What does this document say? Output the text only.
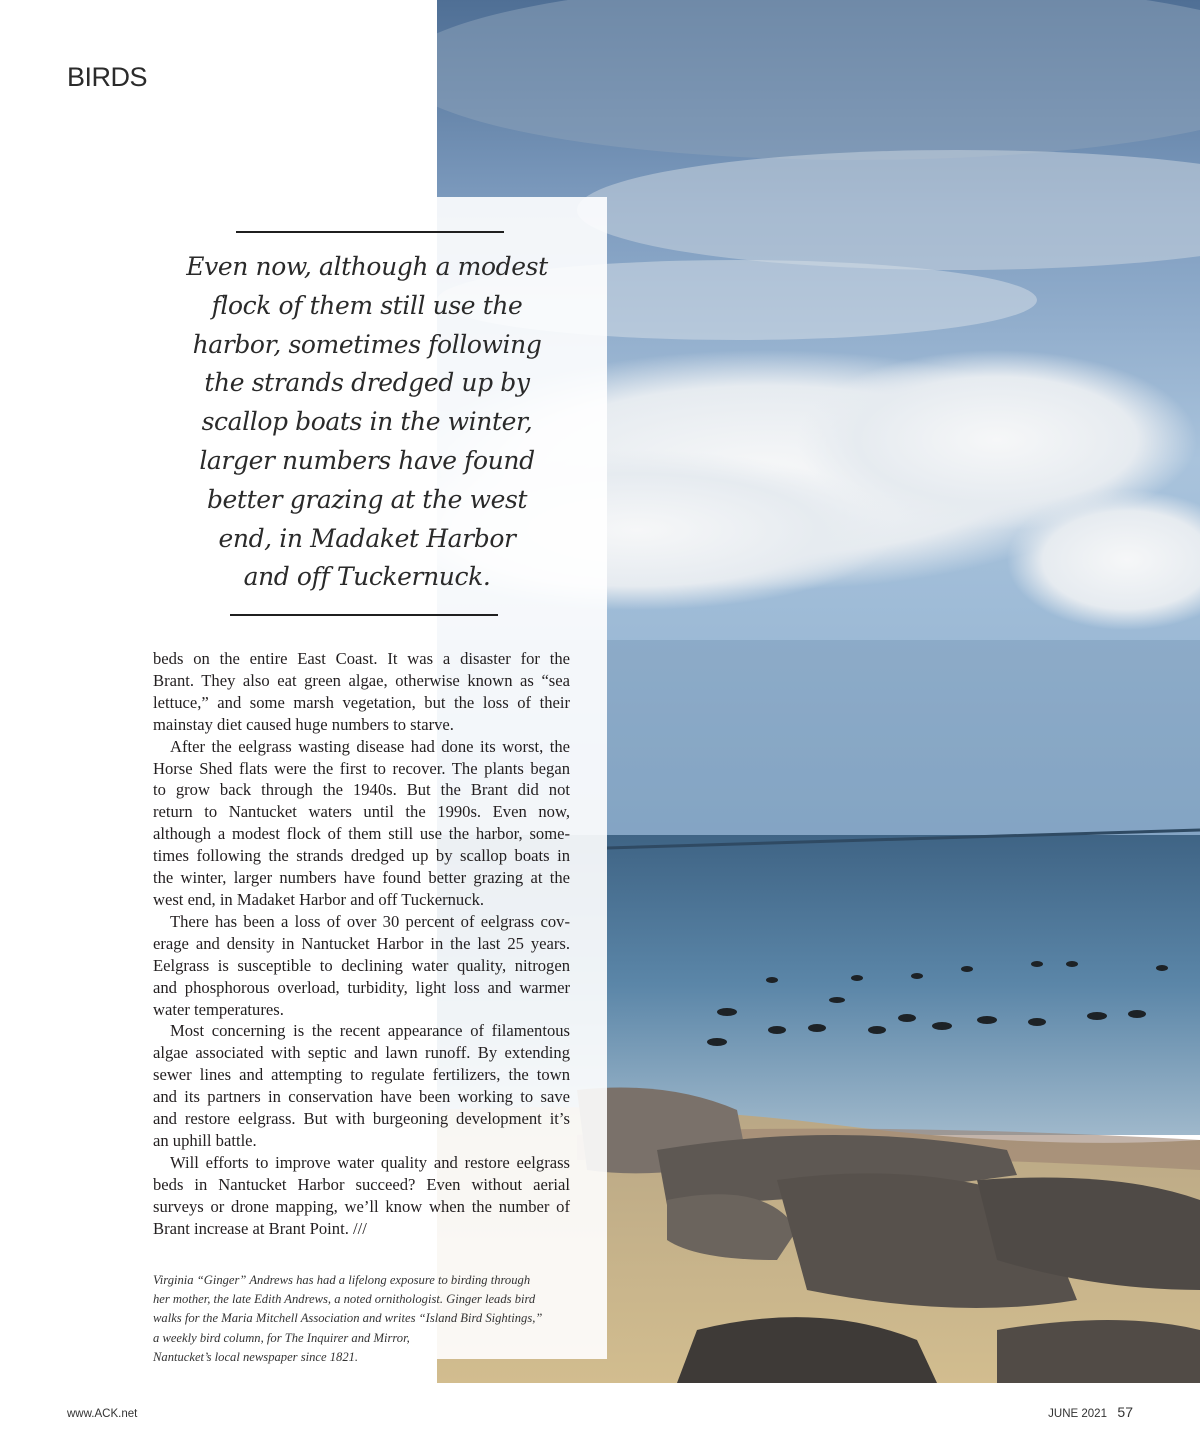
BIRDS
Even now, although a modest
flock of them still use the
harbor, sometimes following
the strands dredged up by
scallop boats in the winter,
larger numbers have found
better grazing at the west
end, in Madaket Harbor
and off Tuckernuck.
beds on the entire East Coast. It was a disaster for the
Brant. They also eat green algae, otherwise known as “sea
lettuce,” and some marsh vegetation, but the loss of their
mainstay diet caused huge numbers to starve.
After the eelgrass wasting disease had done its worst, the
Horse Shed flats were the first to recover. The plants began
to grow back through the 1940s. But the Brant did not
return to Nantucket waters until the 1990s. Even now,
although a modest flock of them still use the harbor, some-
times following the strands dredged up by scallop boats in
the winter, larger numbers have found better grazing at the
west end, in Madaket Harbor and off Tuckernuck.
There has been a loss of over 30 percent of eelgrass cov-
erage and density in Nantucket Harbor in the last 25 years.
Eelgrass is susceptible to declining water quality, nitrogen
and phosphorous overload, turbidity, light loss and warmer
water temperatures.
Most concerning is the recent appearance of filamentous
algae associated with septic and lawn runoff. By extending
sewer lines and attempting to regulate fertilizers, the town
and its partners in conservation have been working to save
and restore eelgrass. But with burgeoning development it’s
an uphill battle.
Will efforts to improve water quality and restore eelgrass
beds in Nantucket Harbor succeed? Even without aerial
surveys or drone mapping, we’ll know when the number of
Brant increase at Brant Point. ///
Virginia “Ginger” Andrews has had a lifelong exposure to birding through
her mother, the late Edith Andrews, a noted ornithologist. Ginger leads bird
walks for the Maria Mitchell Association and writes “Island Bird Sightings,”
a weekly bird column, for The Inquirer and Mirror,
Nantucket’s local newspaper since 1821.
www.ACK.net	JUNE 2021 57
